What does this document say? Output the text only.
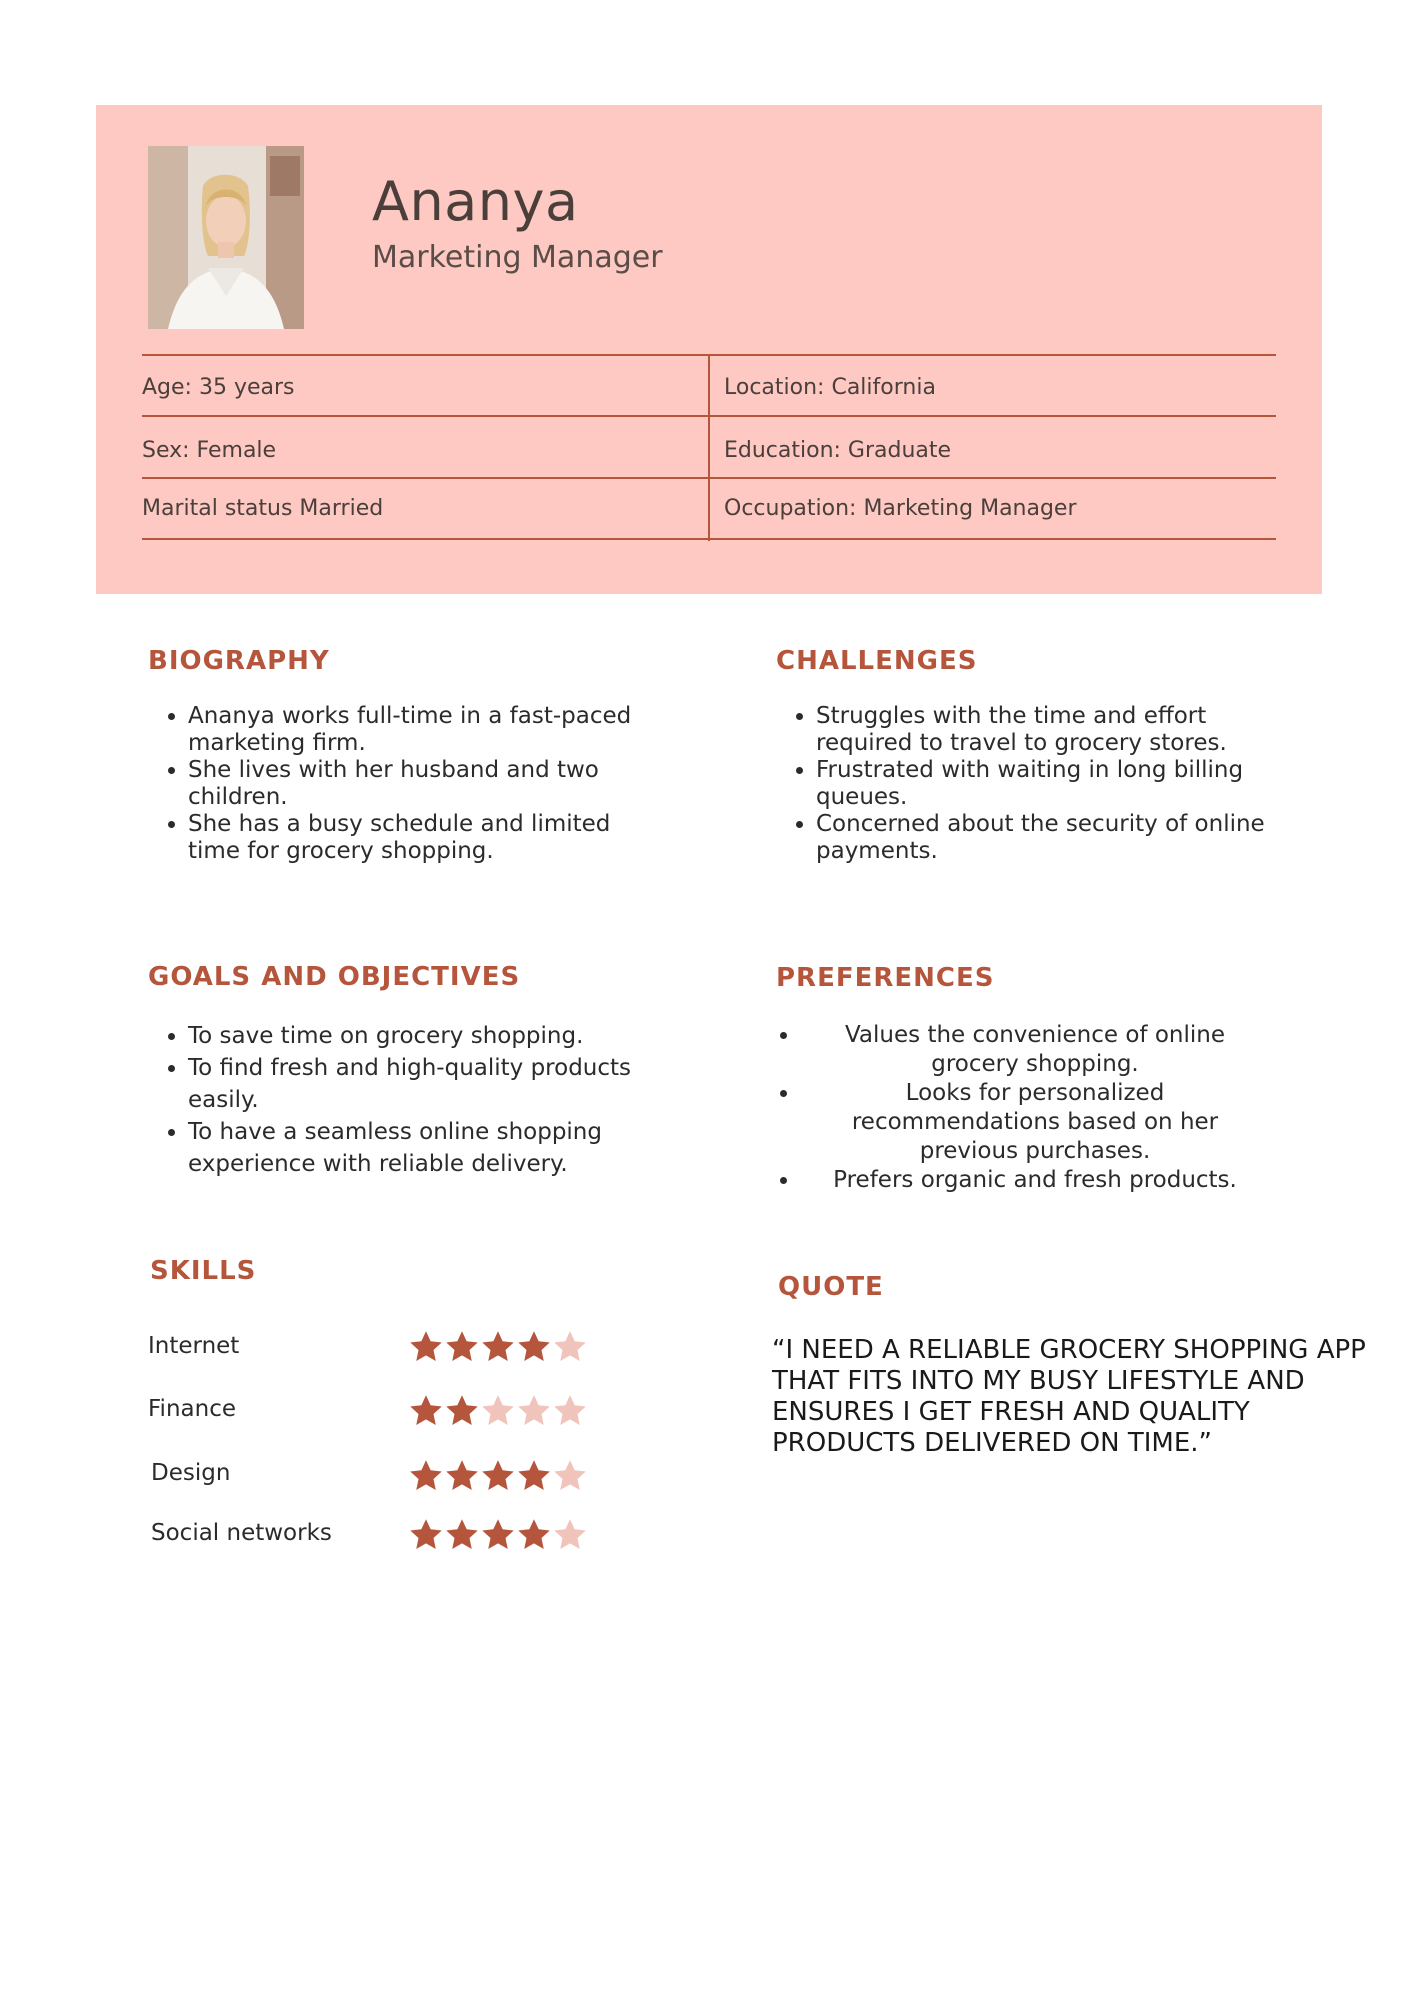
Ananya
Marketing Manager
Age: 35 years	Location: California
Sex: Female	Education: Graduate
Marital status Married	Occupation: Marketing Manager
BIOGRAPHY
• Ananya works full-time in a fast-paced marketing firm.
• She lives with her husband and two children.
• She has a busy schedule and limited time for grocery shopping.
CHALLENGES
• Struggles with the time and effort required to travel to grocery stores.
• Frustrated with waiting in long billing queues.
• Concerned about the security of online payments.
GOALS AND OBJECTIVES
• To save time on grocery shopping.
• To find fresh and high-quality products easily.
• To have a seamless online shopping experience with reliable delivery.
PREFERENCES
• Values the convenience of online grocery shopping.
• Looks for personalized recommendations based on her previous purchases.
• Prefers organic and fresh products.
SKILLS
Internet
Finance
Design
Social networks
QUOTE
“I NEED A RELIABLE GROCERY SHOPPING APP THAT FITS INTO MY BUSY LIFESTYLE AND ENSURES I GET FRESH AND QUALITY PRODUCTS DELIVERED ON TIME.”
